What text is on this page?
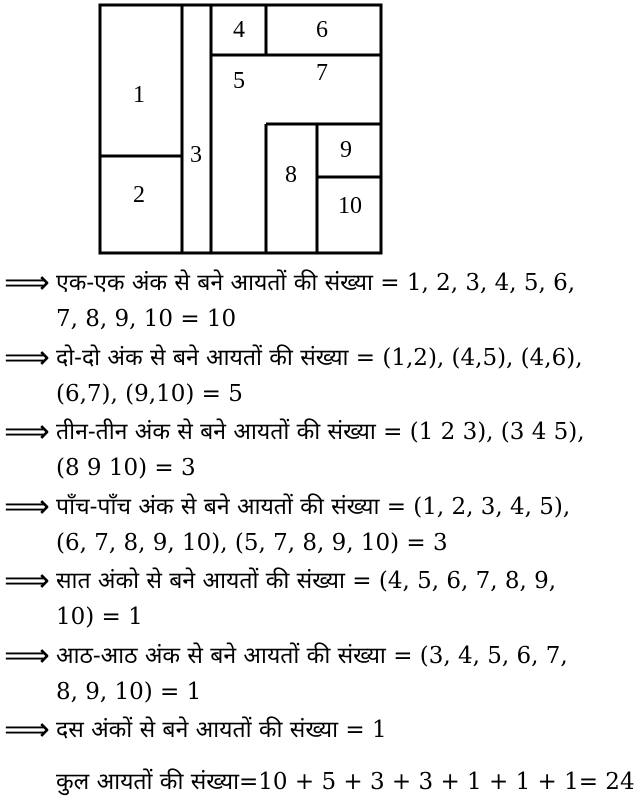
1
2
3
4
5
6
7
8
9
10
⟹ एक-एक अंक से बने आयतों की संख्या = 1, 2, 3, 4, 5, 6,
7, 8, 9, 10 = 10
⟹ दो-दो अंक से बने आयतों की संख्या = (1,2), (4,5), (4,6),
(6,7), (9,10) = 5
⟹ तीन-तीन अंक से बने आयतों की संख्या = (1 2 3), (3 4 5),
(8 9 10) = 3
⟹ पाँच-पाँच अंक से बने आयतों की संख्या = (1, 2, 3, 4, 5),
(6, 7, 8, 9, 10), (5, 7, 8, 9, 10) = 3
⟹ सात अंको से बने आयतों की संख्या = (4, 5, 6, 7, 8, 9,
10) = 1
⟹ आठ-आठ अंक से बने आयतों की संख्या = (3, 4, 5, 6, 7,
8, 9, 10) = 1
⟹ दस अंकों से बने आयतों की संख्या = 1
कुल आयतों की संख्या=10 + 5 + 3 + 3 + 1 + 1 + 1= 24
